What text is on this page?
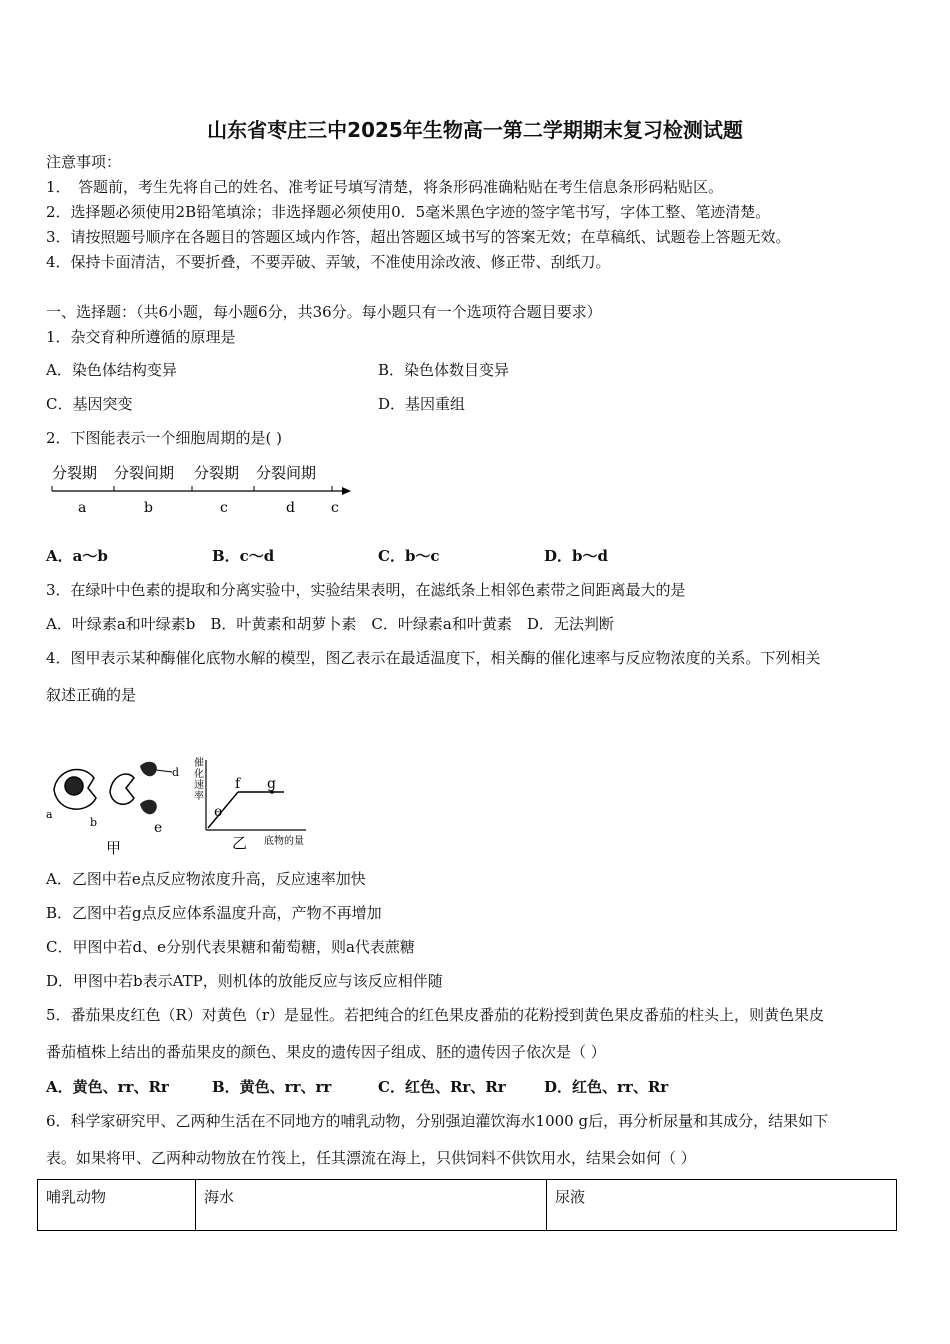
山东省枣庄三中2025年生物高一第二学期期末复习检测试题
注意事项：
1．　答题前，考生先将自己的姓名、准考证号填写清楚，将条形码准确粘贴在考生信息条形码粘贴区。
2．选择题必须使用2B铅笔填涂；非选择题必须使用0．5毫米黑色字迹的签字笔书写，字体工整、笔迹清楚。
3．请按照题号顺序在各题目的答题区域内作答，超出答题区域书写的答案无效；在草稿纸、试题卷上答题无效。
4．保持卡面清洁，不要折叠，不要弄破、弄皱，不准使用涂改液、修正带、刮纸刀。
一、选择题：（共6小题，每小题6分，共36分。每小题只有一个选项符合题目要求）
1．杂交育种所遵循的原理是
A．染色体结构变异	B．染色体数目变异
C．基因突变	D．基因重组
2．下图能表示一个细胞周期的是( )
分裂期 分裂间期 分裂期 分裂间期
a	b	c	d	c
A．a～b	B．c～d	C．b～c	D．b～d
3．在绿叶中色素的提取和分离实验中，实验结果表明，在滤纸条上相邻色素带之间距离最大的是
A．叶绿素a和叶绿素b　B．叶黄素和胡萝卜素　C．叶绿素a和叶黄素　D．无法判断
4．图甲表示某种酶催化底物水解的模型，图乙表示在最适温度下，相关酶的催化速率与反应物浓度的关系。下列相关
叙述正确的是
a
b
d
e
甲
催
化
速
率
e
f g
乙 底物的量
A．乙图中若e点反应物浓度升高，反应速率加快
B．乙图中若g点反应体系温度升高，产物不再增加
C．甲图中若d、e分别代表果糖和葡萄糖，则a代表蔗糖
D．甲图中若b表示ATP，则机体的放能反应与该反应相伴随
5．番茄果皮红色（R）对黄色（r）是显性。若把纯合的红色果皮番茄的花粉授到黄色果皮番茄的柱头上，则黄色果皮
番茄植株上结出的番茄果皮的颜色、果皮的遗传因子组成、胚的遗传因子依次是（ ）
A．黄色、rr、Rr	B．黄色、rr、rr	C．红色、Rr、Rr	D．红色、rr、Rr
6．科学家研究甲、乙两种生活在不同地方的哺乳动物，分别强迫灌饮海水1000 g后，再分析尿量和其成分，结果如下
表。如果将甲、乙两种动物放在竹筏上，任其漂流在海上，只供饲料不供饮用水，结果会如何（ ）
哺乳动物	海水	尿液
